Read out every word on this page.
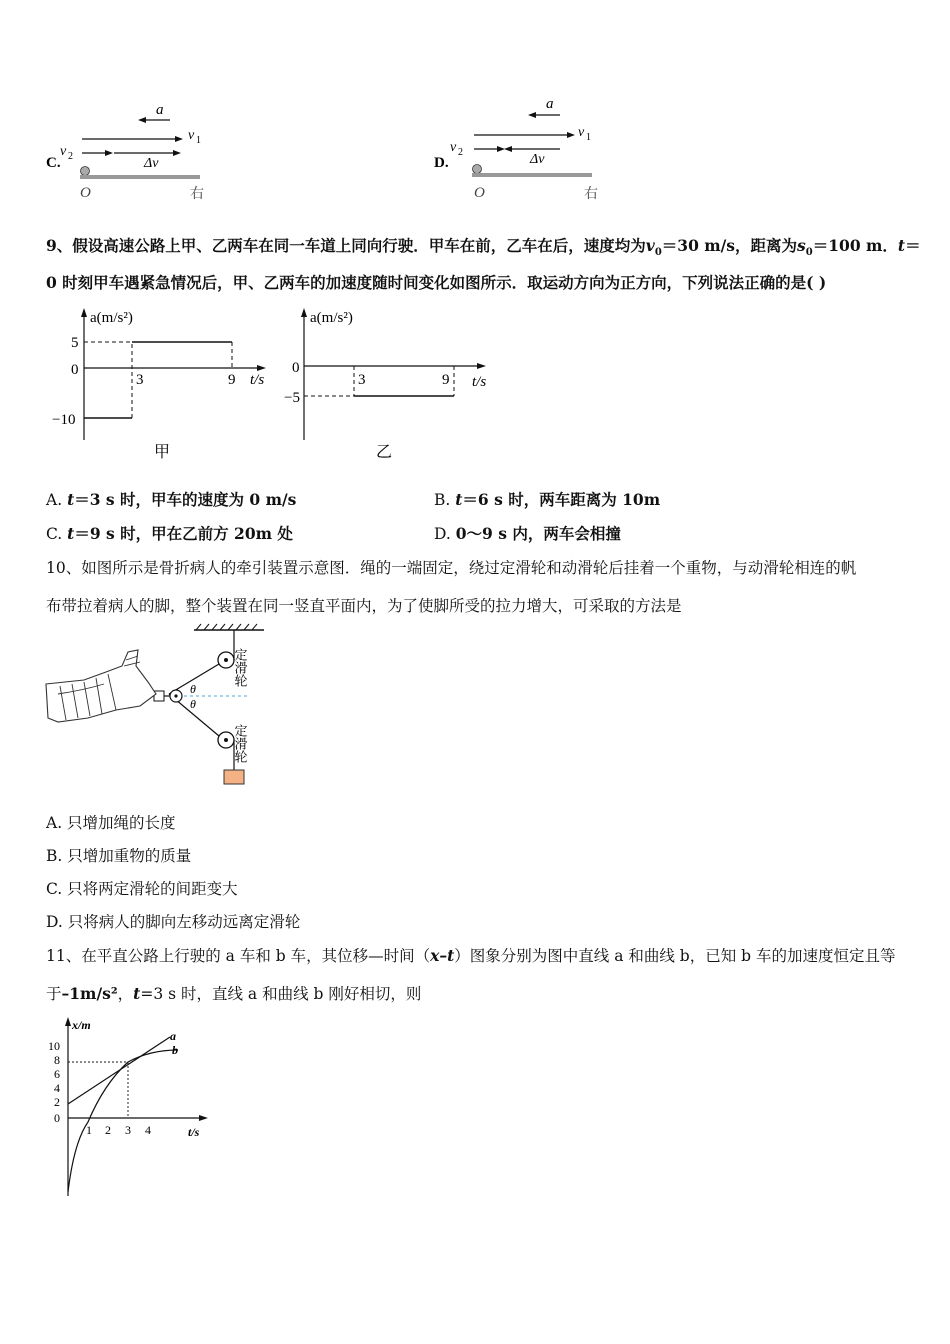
C.
a
v 1
v 2	Δv
O	右
D.
a
v 1
v 2	Δv
O	右
9、假设高速公路上甲、乙两车在同一车道上同向行驶．甲车在前，乙车在后，速度均为$v_0=30$ m/s，距离为$s_0=100$ m．t＝
0 时刻甲车遇紧急情况后，甲、乙两车的加速度随时间变化如图所示．取运动方向为正方向，下列说法正确的是( )
a(m/s²)
t/s
5
0
−10
3	9
甲
a(m/s²)
t/s
0
−5
3	9
乙
A. t＝3 s 时，甲车的速度为 0 m/s	B. t＝6 s 时，两车距离为 10m
C. t＝9 s 时，甲在乙前方 20m 处	D. 0～9 s 内，两车会相撞
10、如图所示是骨折病人的牵引装置示意图．绳的一端固定，绕过定滑轮和动滑轮后挂着一个重物，与动滑轮相连的帆
布带拉着病人的脚，整个装置在同一竖直平面内，为了使脚所受的拉力增大，可采取的方法是
θ
θ
定滑轮
定滑轮
A. 只增加绳的长度
B. 只增加重物的质量
C. 只将两定滑轮的间距变大
D. 只将病人的脚向左移动远离定滑轮
11、在平直公路上行驶的 a 车和 b 车，其位移—时间（x–t）图象分别为图中直线 a 和曲线 b，已知 b 车的加速度恒定且等
于–1m/s²，t=3 s 时，直线 a 和曲线 b 刚好相切，则
x/m
t/s
10
8
6
4
2
0
1 2 3 4
a
b
